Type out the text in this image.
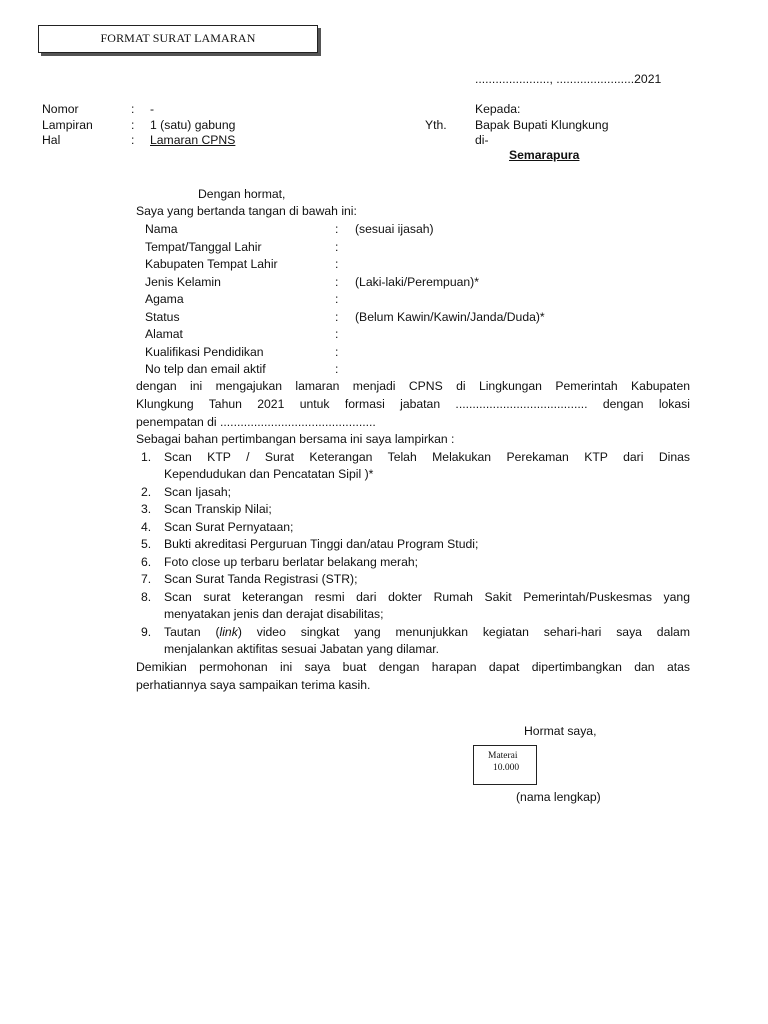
FORMAT SURAT LAMARAN
......................, .......................2021
Nomor	: -
Lampiran	: 1 (satu) gabung
Hal	: Lamaran CPNS
Kepada:
Yth. Bapak Bupati Klungkung
di-
Semarapura
Dengan hormat,
Saya yang bertanda tangan di bawah ini:
Nama	: (sesuai ijasah)
Tempat/Tanggal Lahir	:
Kabupaten Tempat Lahir	:
Jenis Kelamin	: (Laki-laki/Perempuan)*
Agama	:
Status	: (Belum Kawin/Kawin/Janda/Duda)*
Alamat	:
Kualifikasi Pendidikan	:
No telp dan email aktif	:
dengan ini mengajukan lamaran menjadi CPNS di Lingkungan Pemerintah Kabupaten
Klungkung Tahun 2021 untuk formasi jabatan ....................................... dengan lokasi
penempatan di ..............................................
Sebagai bahan pertimbangan bersama ini saya lampirkan :
1. Scan KTP / Surat Keterangan Telah Melakukan Perekaman KTP dari Dinas
Kependudukan dan Pencatatan Sipil )*
2. Scan Ijasah;
3. Scan Transkip Nilai;
4. Scan Surat Pernyataan;
5. Bukti akreditasi Perguruan Tinggi dan/atau Program Studi;
6. Foto close up terbaru berlatar belakang merah;
7. Scan Surat Tanda Registrasi (STR);
8. Scan surat keterangan resmi dari dokter Rumah Sakit Pemerintah/Puskesmas yang
menyatakan jenis dan derajat disabilitas;
9. Tautan (link) video singkat yang menunjukkan kegiatan sehari-hari saya dalam
menjalankan aktifitas sesuai Jabatan yang dilamar.
Demikian permohonan ini saya buat dengan harapan dapat dipertimbangkan dan atas
perhatiannya saya sampaikan terima kasih.
Hormat saya,
Materai
10.000
(nama lengkap)
